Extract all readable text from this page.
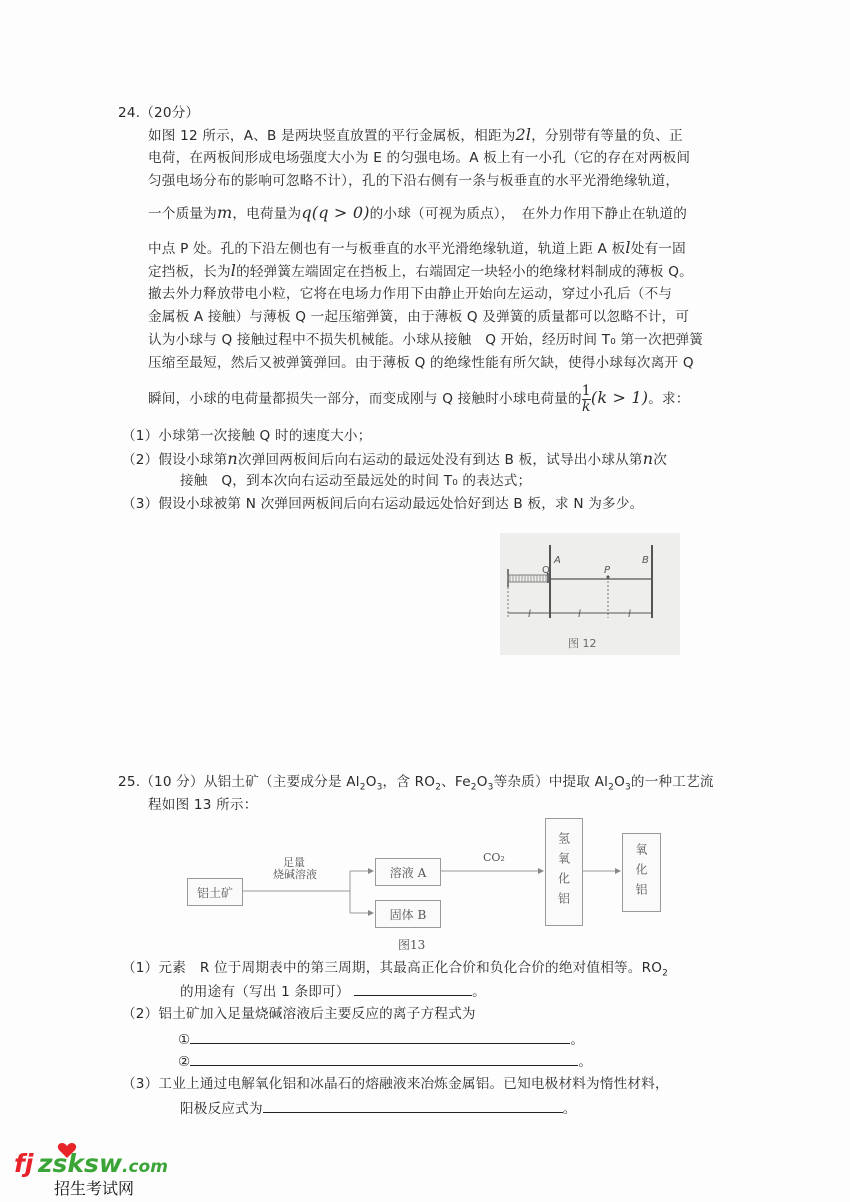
24.（20分）
如图 12 所示，A、B 是两块竖直放置的平行金属板，相距为2l，分别带有等量的负、正
电荷，在两板间形成电场强度大小为 E 的匀强电场。A 板上有一小孔（它的存在对两板间
匀强电场分布的影响可忽略不计），孔的下沿右侧有一条与板垂直的水平光滑绝缘轨道，
一个质量为m，电荷量为q(q > 0)的小球（可视为质点），　在外力作用下静止在轨道的
中点 P 处。孔的下沿左侧也有一与板垂直的水平光滑绝缘轨道，轨道上距 A 板l处有一固
定挡板，长为l的轻弹簧左端固定在挡板上，右端固定一块轻小的绝缘材料制成的薄板 Q。
撤去外力释放带电小粒，它将在电场力作用下由静止开始向左运动，穿过小孔后（不与
金属板 A 接触）与薄板 Q 一起压缩弹簧，由于薄板 Q 及弹簧的质量都可以忽略不计，可
认为小球与 Q 接触过程中不损失机械能。小球从接触　Q 开始，经历时间 T₀ 第一次把弹簧
压缩至最短，然后又被弹簧弹回。由于薄板 Q 的绝缘性能有所欠缺，使得小球每次离开 Q
瞬间，小球的电荷量都损失一部分，而变成刚与 Q 接触时小球电荷量的 $\frac{1}{k} (k > 1)$。求：
（1）小球第一次接触 Q 时的速度大小；
（2）假设小球第n次弹回两板间后向右运动的最远处没有到达 B 板，试导出小球从第n次
接触　Q，到本次向右运动至最远处的时间 T₀ 的表达式；
（3）假设小球被第 N 次弹回两板间后向右运动最远处恰好到达 B 板，求 N 为多少。
A	B
Q	P
l	l	l
图 12
25.（10 分）从铝土矿（主要成分是 $Al_2O_3$，含 $RO_2$、$Fe_2O_3$等杂质）中提取 $Al_2O_3$的一种工艺流
程如图 13 所示：
铝土矿
足量
烧碱溶液	溶液 A
固体 B
CO₂	氢氧化铝	氧化铝
图13
（1）元素　R 位于周期表中的第三周期，其最高正化合价和负化合价的绝对值相等。$RO_2$
的用途有（写出 1 条即可）	。
（2）铝土矿加入足量烧碱溶液后主要反应的离子方程式为
①	。
②	。
（3）工业上通过电解氧化铝和冰晶石的熔融液来冶炼金属铝。已知电极材料为惰性材料，
阳极反应式为	。
fj zsksw .com
招生考试网
